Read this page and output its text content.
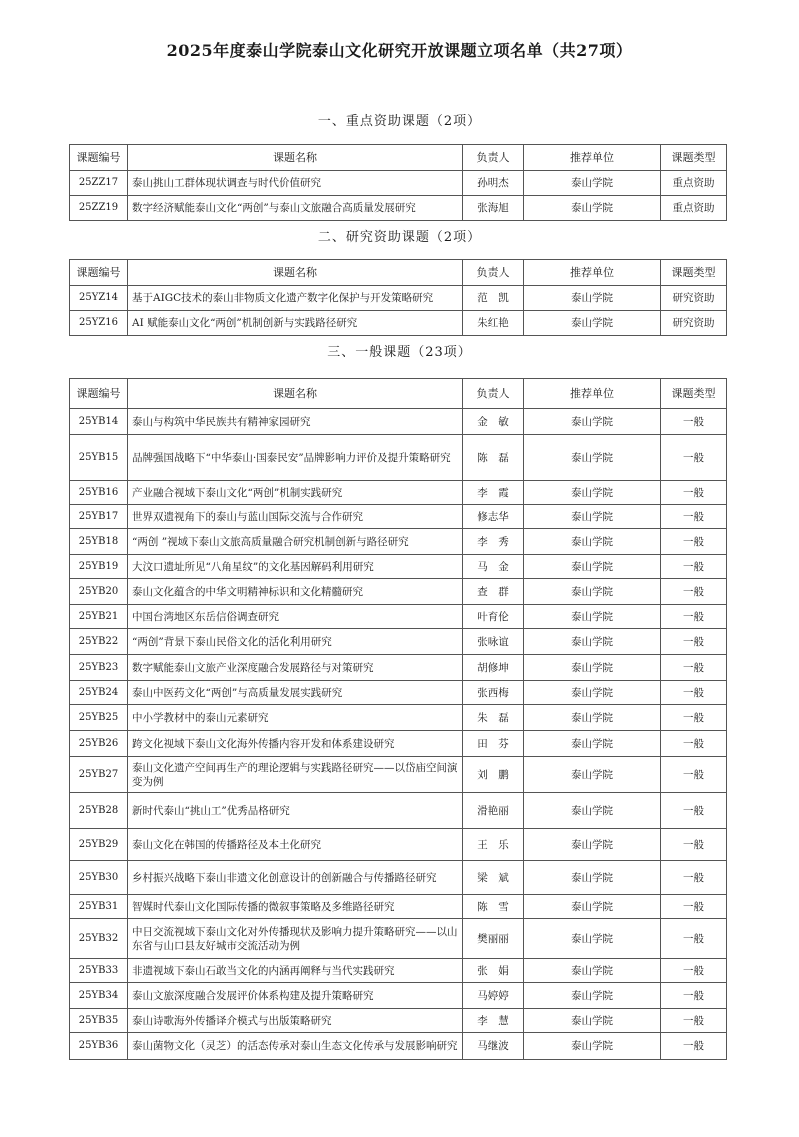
2025年度泰山学院泰山文化研究开放课题立项名单（共27项）
一、重点资助课题（2项）
课题编号	课题名称	负责人	推荐单位	课题类型
25ZZ17	泰山挑山工群体现状调查与时代价值研究	孙明杰	泰山学院	重点资助
25ZZ19	数字经济赋能泰山文化“两创”与泰山文旅融合高质量发展研究	张海旭	泰山学院	重点资助
二、研究资助课题（2项）
课题编号	课题名称	负责人	推荐单位	课题类型
25YZ14	基于AIGC技术的泰山非物质文化遗产数字化保护与开发策略研究	范　凯	泰山学院	研究资助
25YZ16	AI 赋能泰山文化“两创”机制创新与实践路径研究	朱红艳	泰山学院	研究资助
三、一般课题（23项）
课题编号	课题名称	负责人	推荐单位	课题类型
25YB14	泰山与构筑中华民族共有精神家园研究	金　敏	泰山学院	一般
25YB15	品牌强国战略下“中华泰山·国泰民安”品牌影响力评价及提升策略研究	陈　磊	泰山学院	一般
25YB16	产业融合视域下泰山文化“两创”机制实践研究	李　霞	泰山学院	一般
25YB17	世界双遗视角下的泰山与蓝山国际交流与合作研究	修志华	泰山学院	一般
25YB18	“两创 ”视域下泰山文旅高质量融合研究机制创新与路径研究	李　秀	泰山学院	一般
25YB19	大汶口遗址所见“八角星纹”的文化基因解码利用研究	马　金	泰山学院	一般
25YB20	泰山文化蕴含的中华文明精神标识和文化精髓研究	查　群	泰山学院	一般
25YB21	中国台湾地区东岳信俗调查研究	叶育伦	泰山学院	一般
25YB22	“两创”背景下泰山民俗文化的活化利用研究	张咏谊	泰山学院	一般
25YB23	数字赋能泰山文旅产业深度融合发展路径与对策研究	胡修坤	泰山学院	一般
25YB24	泰山中医药文化“两创”与高质量发展实践研究	张西梅	泰山学院	一般
25YB25	中小学教材中的泰山元素研究	朱　磊	泰山学院	一般
25YB26	跨文化视域下泰山文化海外传播内容开发和体系建设研究	田　芬	泰山学院	一般
25YB27	泰山文化遗产空间再生产的理论逻辑与实践路径研究——以岱庙空间演变为例	刘　鹏	泰山学院	一般
25YB28	新时代泰山“挑山工”优秀品格研究	滑艳丽	泰山学院	一般
25YB29	泰山文化在韩国的传播路径及本土化研究	王　乐	泰山学院	一般
25YB30	乡村振兴战略下泰山非遗文化创意设计的创新融合与传播路径研究	梁　斌	泰山学院	一般
25YB31	智媒时代泰山文化国际传播的微叙事策略及多维路径研究	陈　雪	泰山学院	一般
25YB32	中日交流视域下泰山文化对外传播现状及影响力提升策略研究——以山东省与山口县友好城市交流活动为例	樊丽丽	泰山学院	一般
25YB33	非遗视域下泰山石敢当文化的内涵再阐释与当代实践研究	张　娟	泰山学院	一般
25YB34	泰山文旅深度融合发展评价体系构建及提升策略研究	马婷婷	泰山学院	一般
25YB35	泰山诗歌海外传播译介模式与出版策略研究	李　慧	泰山学院	一般
25YB36	泰山菌物文化（灵芝）的活态传承对泰山生态文化传承与发展影响研究	马继波	泰山学院	一般
